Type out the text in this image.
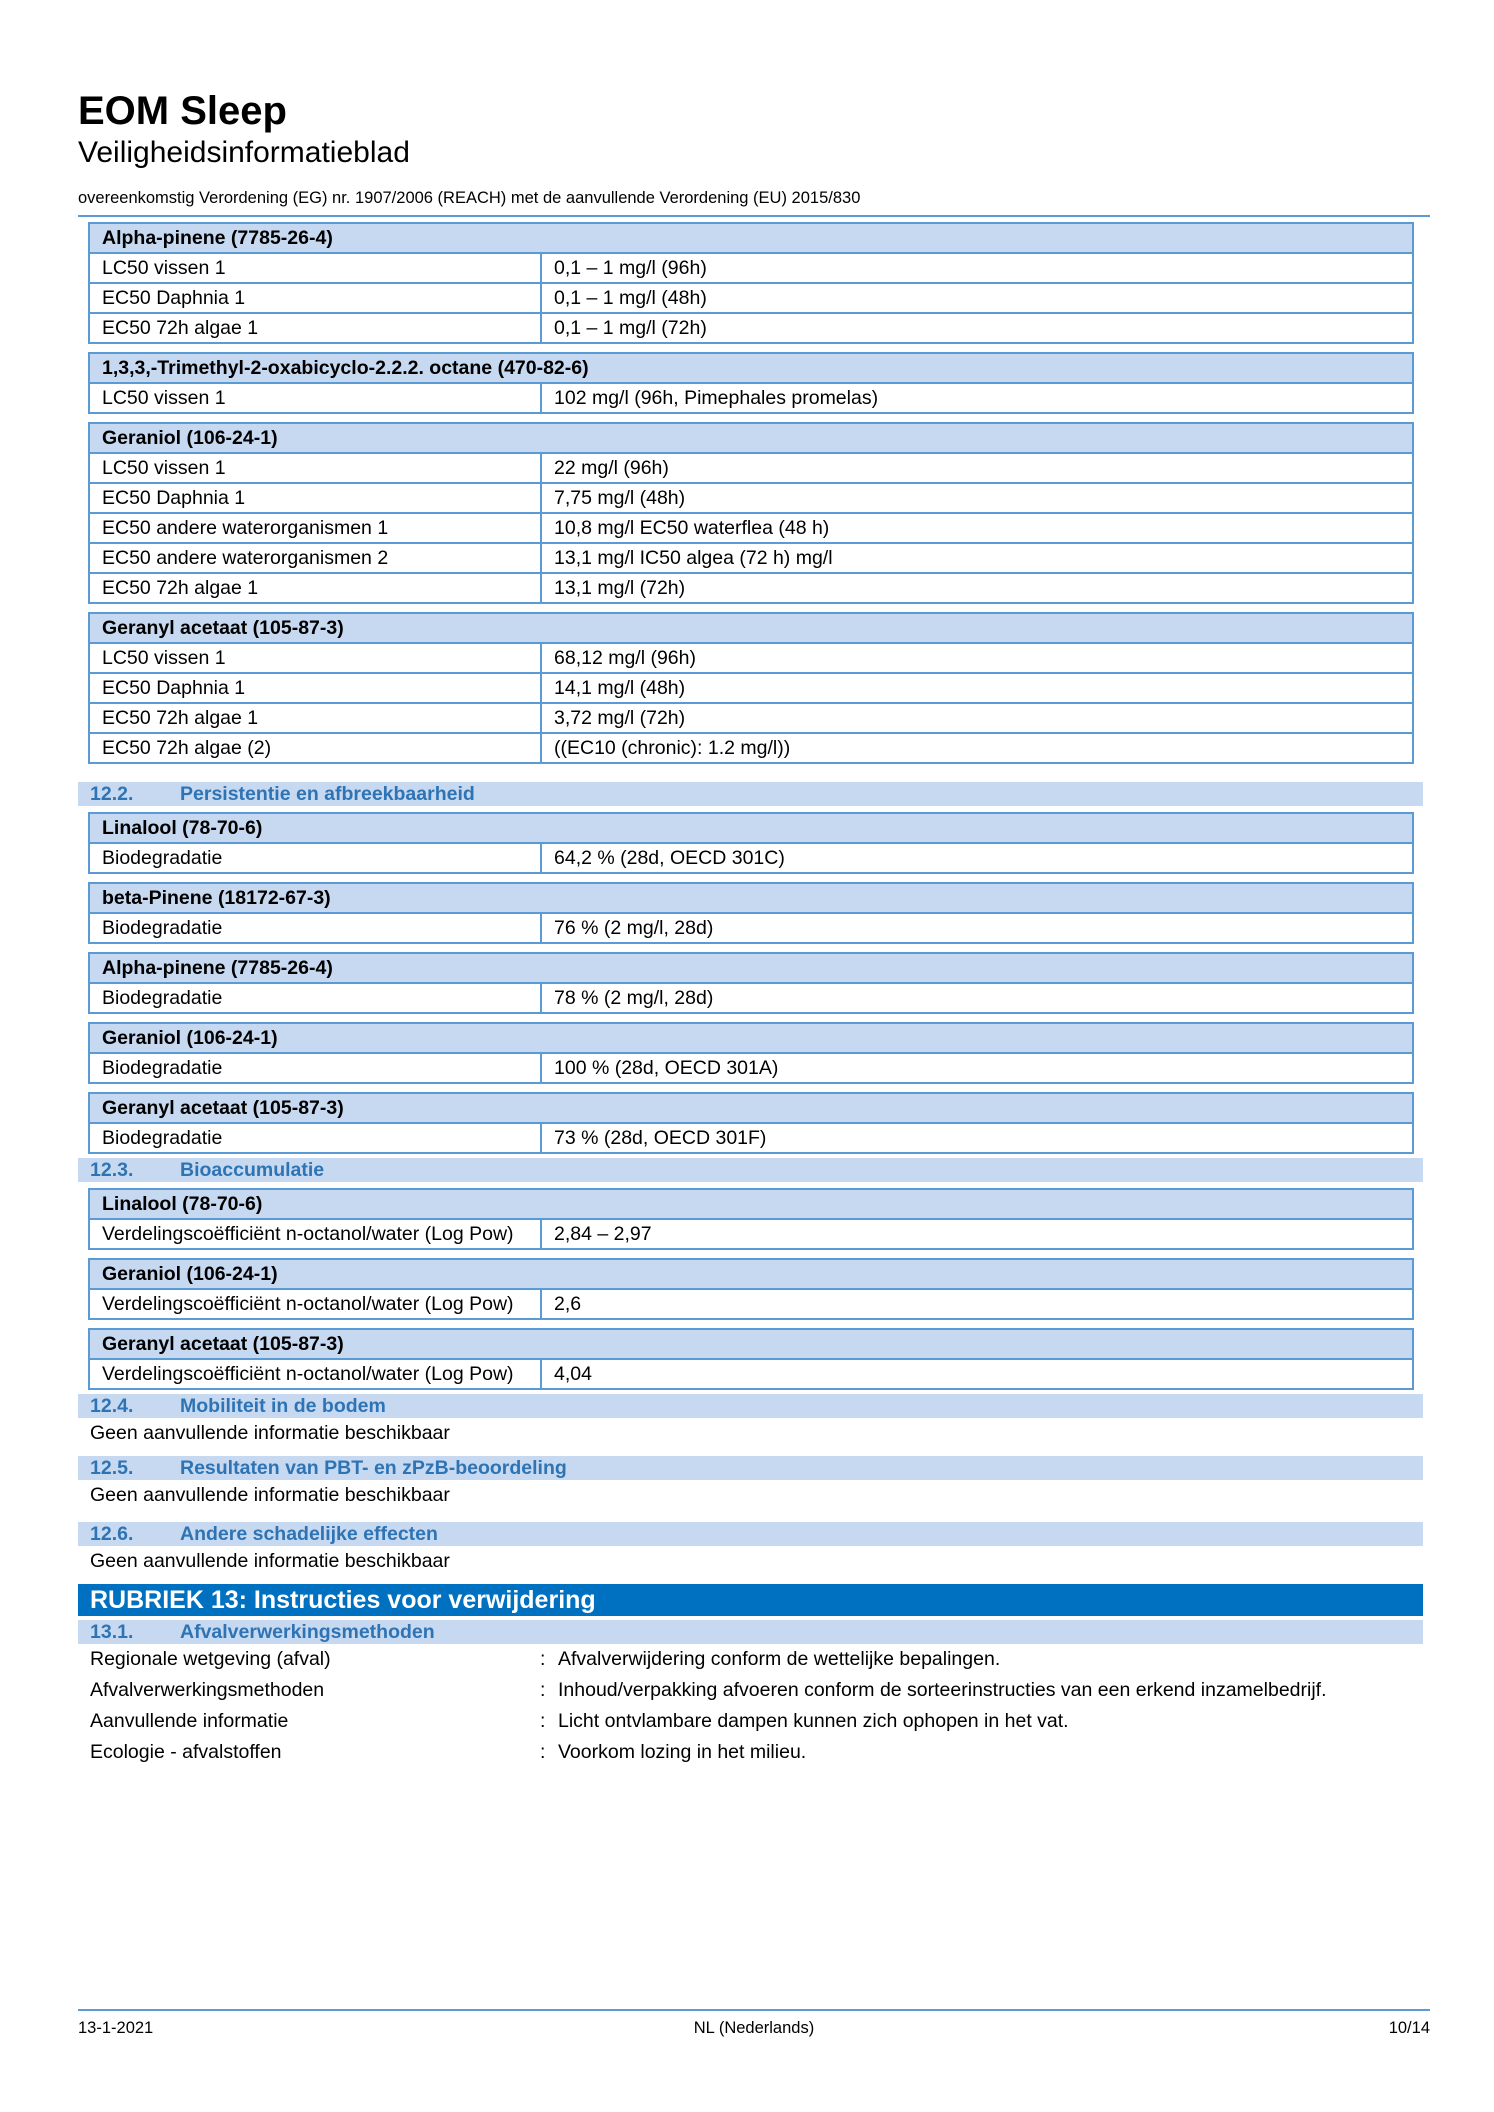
EOM Sleep
Veiligheidsinformatieblad
overeenkomstig Verordening (EG) nr. 1907/2006 (REACH) met de aanvullende Verordening (EU) 2015/830
Alpha-pinene (7785-26-4)	
LC50 vissen 1	0,1 – 1 mg/l (96h)
EC50 Daphnia 1	0,1 – 1 mg/l (48h)
EC50 72h algae 1	0,1 – 1 mg/l (72h)
1,3,3,-Trimethyl-2-oxabicyclo-2.2.2. octane (470-82-6)
LC50 vissen 1	102 mg/l (96h, Pimephales promelas)
Geraniol (106-24-1)	
LC50 vissen 1	22 mg/l (96h)
EC50 Daphnia 1	7,75 mg/l (48h)
EC50 andere waterorganismen 1	10,8 mg/l EC50 waterflea (48 h)
EC50 andere waterorganismen 2	13,1 mg/l IC50 algea (72 h) mg/l
EC50 72h algae 1	13,1 mg/l (72h)
Geranyl acetaat (105-87-3)	
LC50 vissen 1	68,12 mg/l (96h)
EC50 Daphnia 1	14,1 mg/l (48h)
EC50 72h algae 1	3,72 mg/l (72h)
EC50 72h algae (2)	((EC10 (chronic): 1.2 mg/l))
12.2. Persistentie en afbreekbaarheid
Linalool (78-70-6)
Biodegradatie	64,2 % (28d, OECD 301C)
beta-Pinene (18172-67-3)
Biodegradatie	76 % (2 mg/l, 28d)
Alpha-pinene (7785-26-4)
Biodegradatie	78 % (2 mg/l, 28d)
Geraniol (106-24-1)
Biodegradatie	100 % (28d, OECD 301A)
Geranyl acetaat (105-87-3)
Biodegradatie	73 % (28d, OECD 301F)
12.3. Bioaccumulatie
Linalool (78-70-6)
Verdelingscoëfficiënt n-octanol/water (Log Pow)	2,84 – 2,97
Geraniol (106-24-1)
Verdelingscoëfficiënt n-octanol/water (Log Pow)	2,6
Geranyl acetaat (105-87-3)
Verdelingscoëfficiënt n-octanol/water (Log Pow)	4,04
12.4. Mobiliteit in de bodem
Geen aanvullende informatie beschikbaar
12.5. Resultaten van PBT- en zPzB-beoordeling
Geen aanvullende informatie beschikbaar
12.6. Andere schadelijke effecten
Geen aanvullende informatie beschikbaar
RUBRIEK 13: Instructies voor verwijdering
13.1. Afvalverwerkingsmethoden
Regionale wetgeving (afval)	: Afvalverwijdering conform de wettelijke bepalingen.
Afvalverwerkingsmethoden	: Inhoud/verpakking afvoeren conform de sorteerinstructies van een erkend inzamelbedrijf.
Aanvullende informatie	: Licht ontvlambare dampen kunnen zich ophopen in het vat.
Ecologie - afvalstoffen	: Voorkom lozing in het milieu.
13-1-2021	NL (Nederlands)	10/14
